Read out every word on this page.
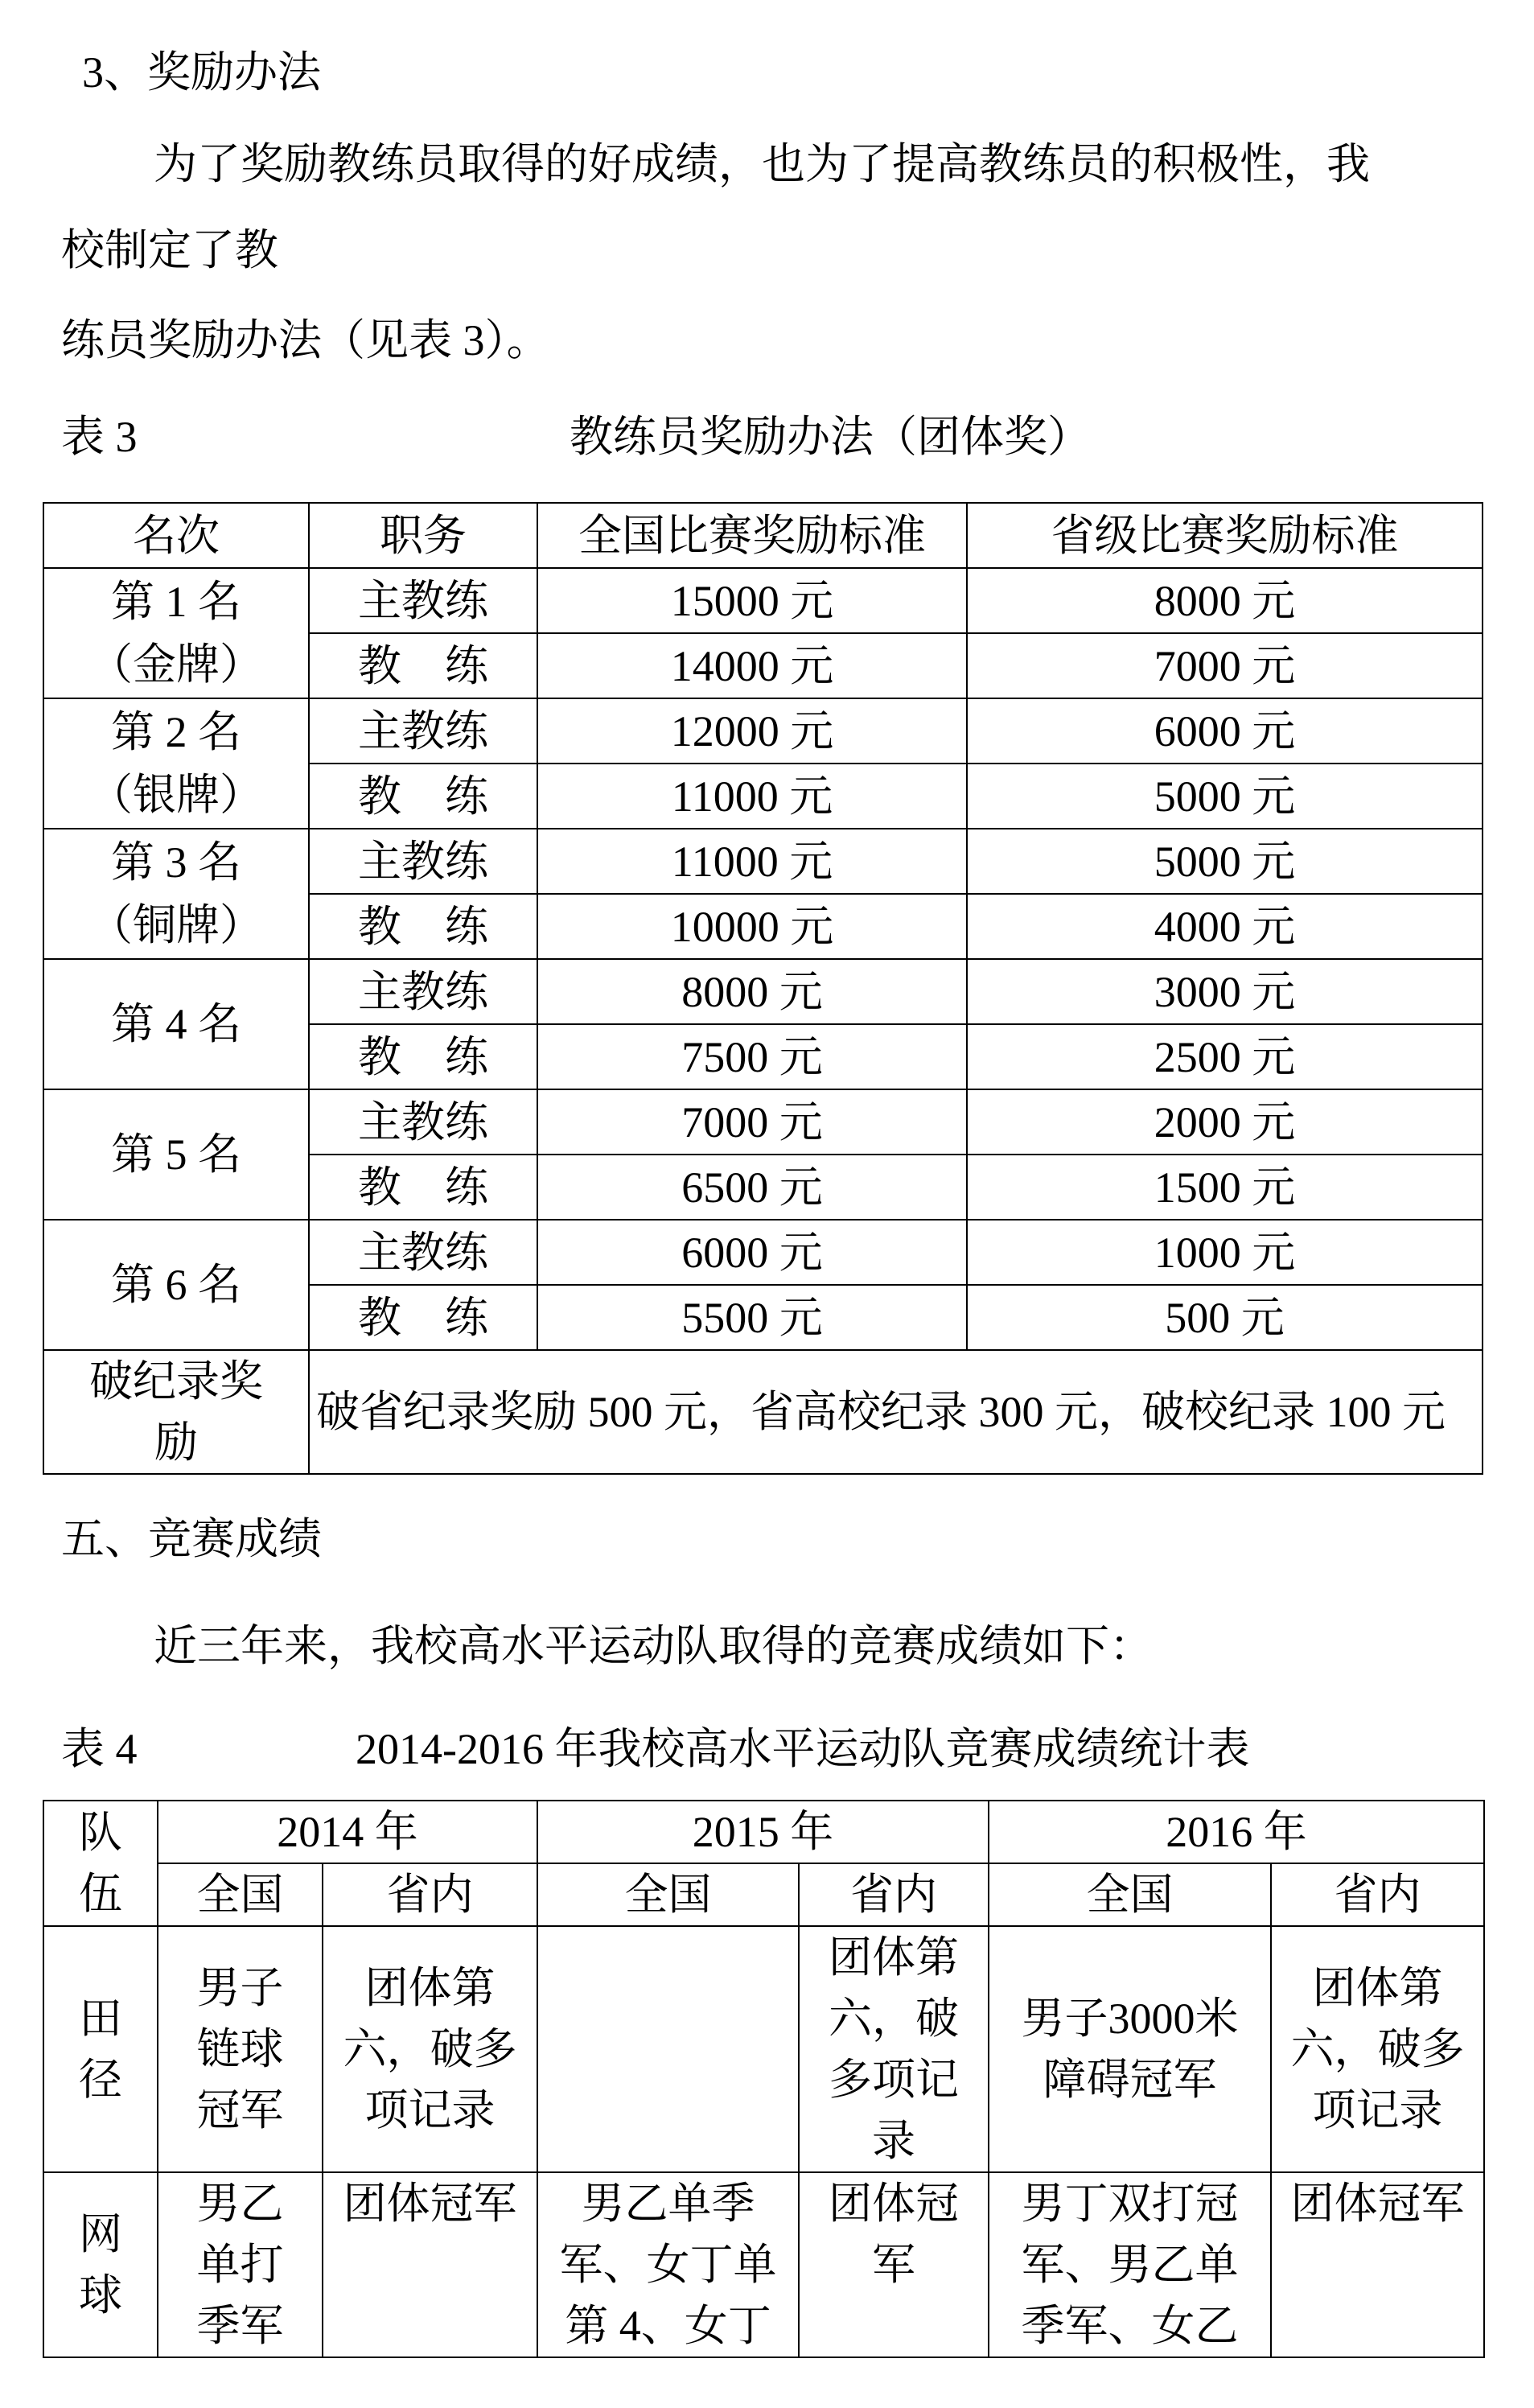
3、奖励办法
为了奖励教练员取得的好成绩，也为了提高教练员的积极性，我
校制定了教
练员奖励办法（见表 3）。
表 3	教练员奖励办法（团体奖）
名次	职务	全国比赛奖励标准	省级比赛奖励标准

第 1 名
（金牌）	主教练	15000 元	8000 元
	教　练	14000 元	7000 元

第 2 名
（银牌）	主教练	12000 元	6000 元
	教　练	11000 元	5000 元

第 3 名
（铜牌）	主教练	11000 元	5000 元
	教　练	10000 元	4000 元

第 4 名	主教练	8000 元	3000 元
	教　练	7500 元	2500 元

第 5 名	主教练	7000 元	2000 元
	教　练	6500 元	1500 元

第 6 名	主教练	6000 元	1000 元
	教　练	5500 元	500 元
破纪录奖励	破省纪录奖励 500 元，省高校纪录 300 元，破校纪录 100 元		
五、竞赛成绩
近三年来，我校高水平运动队取得的竞赛成绩如下：
表 4	2014-2016 年我校高水平运动队竞赛成绩统计表
队伍	2014 年		2015 年		2016 年	
	全国	省内	全国	省内	全国	省内
田径	男子链球冠军	团体第六，破多项记录		团体第六，破多项记录	男子3000米障碍冠军	团体第六，破多项记录
网球	男乙单打季军	团体冠军	男乙单季军、女丁单第 4、女丁	团体冠军	男丁双打冠军、男乙单季军、女乙	团体冠军
